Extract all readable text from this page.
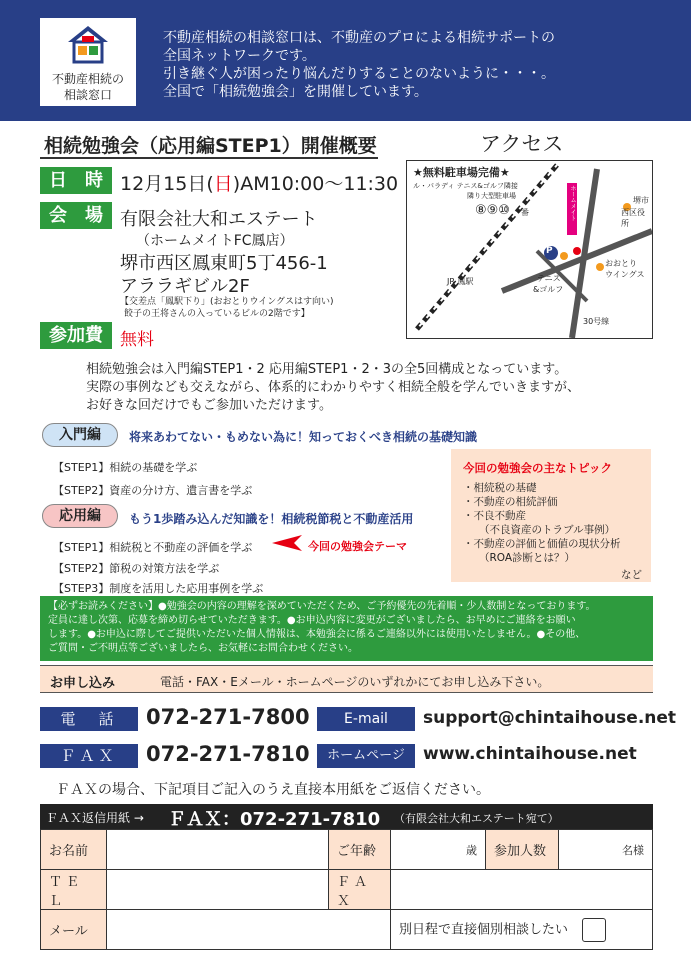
不動産相続の
相談窓口
不動産相続の相談窓口は、不動産のプロによる相続サポートの
全国ネットワークです。
引き継ぐ人が困ったり悩んだりすることのないように・・・。
全国で「相続勉強会」を開催しています。
相続勉強会（応用編STEP1）開催概要
日　時 12月15日(日)AM10:00～11:30
会　場 有限会社大和エステート
（ホームメイトFC鳳店）
堺市西区鳳東町5丁456-1
アララギビル2F
【交差点「鳳駅下り」(おおとりウイングスはす向い)
餃子の王将さんの入っているビルの2階です】
参加費	無料
アクセス
★無料駐車場完備★
ル・パラディ テニス&ゴルフ隣接
隣り大型駐車場
⑧⑨⑩ 番
P
ホームメイト	堺市
西区役所
おおとり
ウイングス
JR 鳳駅	テニス
&ゴルフ
30号線
相続勉強会は入門編STEP1・2 応用編STEP1・2・3の全5回構成となっています。
実際の事例なども交えながら、体系的にわかりやすく相続全般を学んでいきますが、
お好きな回だけでもご参加いただけます。
入門編	将来あわてない・もめない為に！知っておくべき相続の基礎知識
【STEP1】相続の基礎を学ぶ
【STEP2】資産の分け方、遺言書を学ぶ
応用編	もう1歩踏み込んだ知識を！相続税節税と不動産活用
【STEP1】相続税と不動産の評価を学ぶ
【STEP2】節税の対策方法を学ぶ
【STEP3】制度を活用した応用事例を学ぶ
今回の勉強会テーマ
今回の勉強会の主なトピック
・相続税の基礎
・不動産の相続評価
・不良不動産
（不良資産のトラブル事例）
・不動産の評価と価値の現状分析
（ROA診断とは？）
など
【必ずお読みください】●勉強会の内容の理解を深めていただくため、ご予約優先の先着順・少人数制となっております。
定員に達し次第、応募を締め切らせていただきます。●お申込内容に変更がございましたら、お早めにご連絡をお願い
します。●お申込に際してご提供いただいた個人情報は、本勉強会に係るご連絡以外には使用いたしません。●その他、
ご質問・ご不明点等ございましたら、お気軽にお問合わせください。
お申し込み	電話・FAX・Eメール・ホームページのいずれかにてお申し込み下さい。
電　話	072-271-7800	E-mail	support@chintaihouse.net
ＦＡＸ	072-271-7810	ホームページ	www.chintaihouse.net
ＦＡＸの場合、下記項目ご記入のうえ直接本用紙をご返信ください。
ＦＡＸ返信用紙 → ＦＡＸ：072-271-7810 （有限会社大和エステート宛て）
お名前		ご年齢	歳	参加人数	名様
ＴＥＬ		ＦＡＸ			
メール			別日程で直接個別相談したい		
